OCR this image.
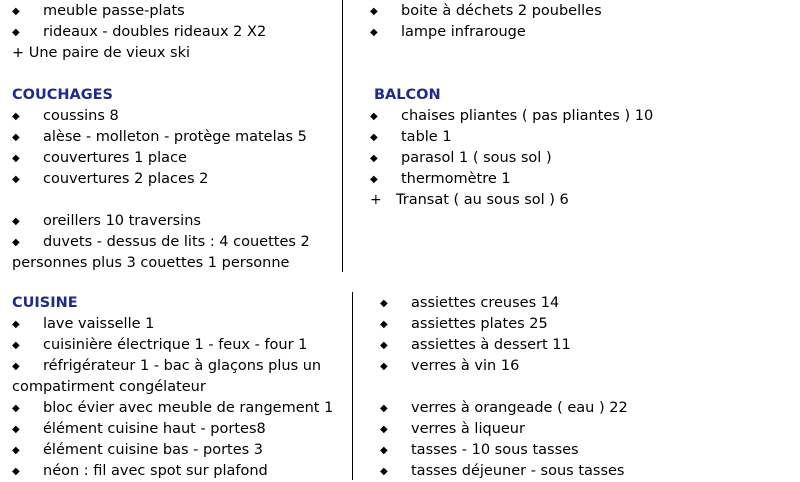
◆ meuble passe-plats
◆ rideaux - doubles rideaux 2 X2
+ Une paire de vieux ski
◆ boite à déchets 2 poubelles
◆ lampe infrarouge
COUCHAGES
◆ coussins 8
◆ alèse - molleton - protège matelas 5
◆ couvertures 1 place
◆ couvertures 2 places 2
◆ oreillers 10 traversins
◆ duvets - dessus de lits : 4 couettes 2
personnes plus 3 couettes 1 personne
BALCON
◆ chaises pliantes ( pas pliantes ) 10
◆ table 1
◆ parasol 1 ( sous sol )
◆ thermomètre 1
+ Transat ( au sous sol ) 6
CUISINE
◆ lave vaisselle 1
◆ cuisinière électrique 1 - feux - four 1
◆ réfrigérateur 1 - bac à glaçons plus un
compatirment congélateur
◆ bloc évier avec meuble de rangement 1
◆ élément cuisine haut - portes8
◆ élément cuisine bas - portes 3
◆ néon : fil avec spot sur plafond
◆ assiettes creuses 14
◆ assiettes plates 25
◆ assiettes à dessert 11
◆ verres à vin 16
◆ verres à orangeade ( eau ) 22
◆ verres à liqueur
◆ tasses - 10 sous tasses
◆ tasses déjeuner - sous tasses
